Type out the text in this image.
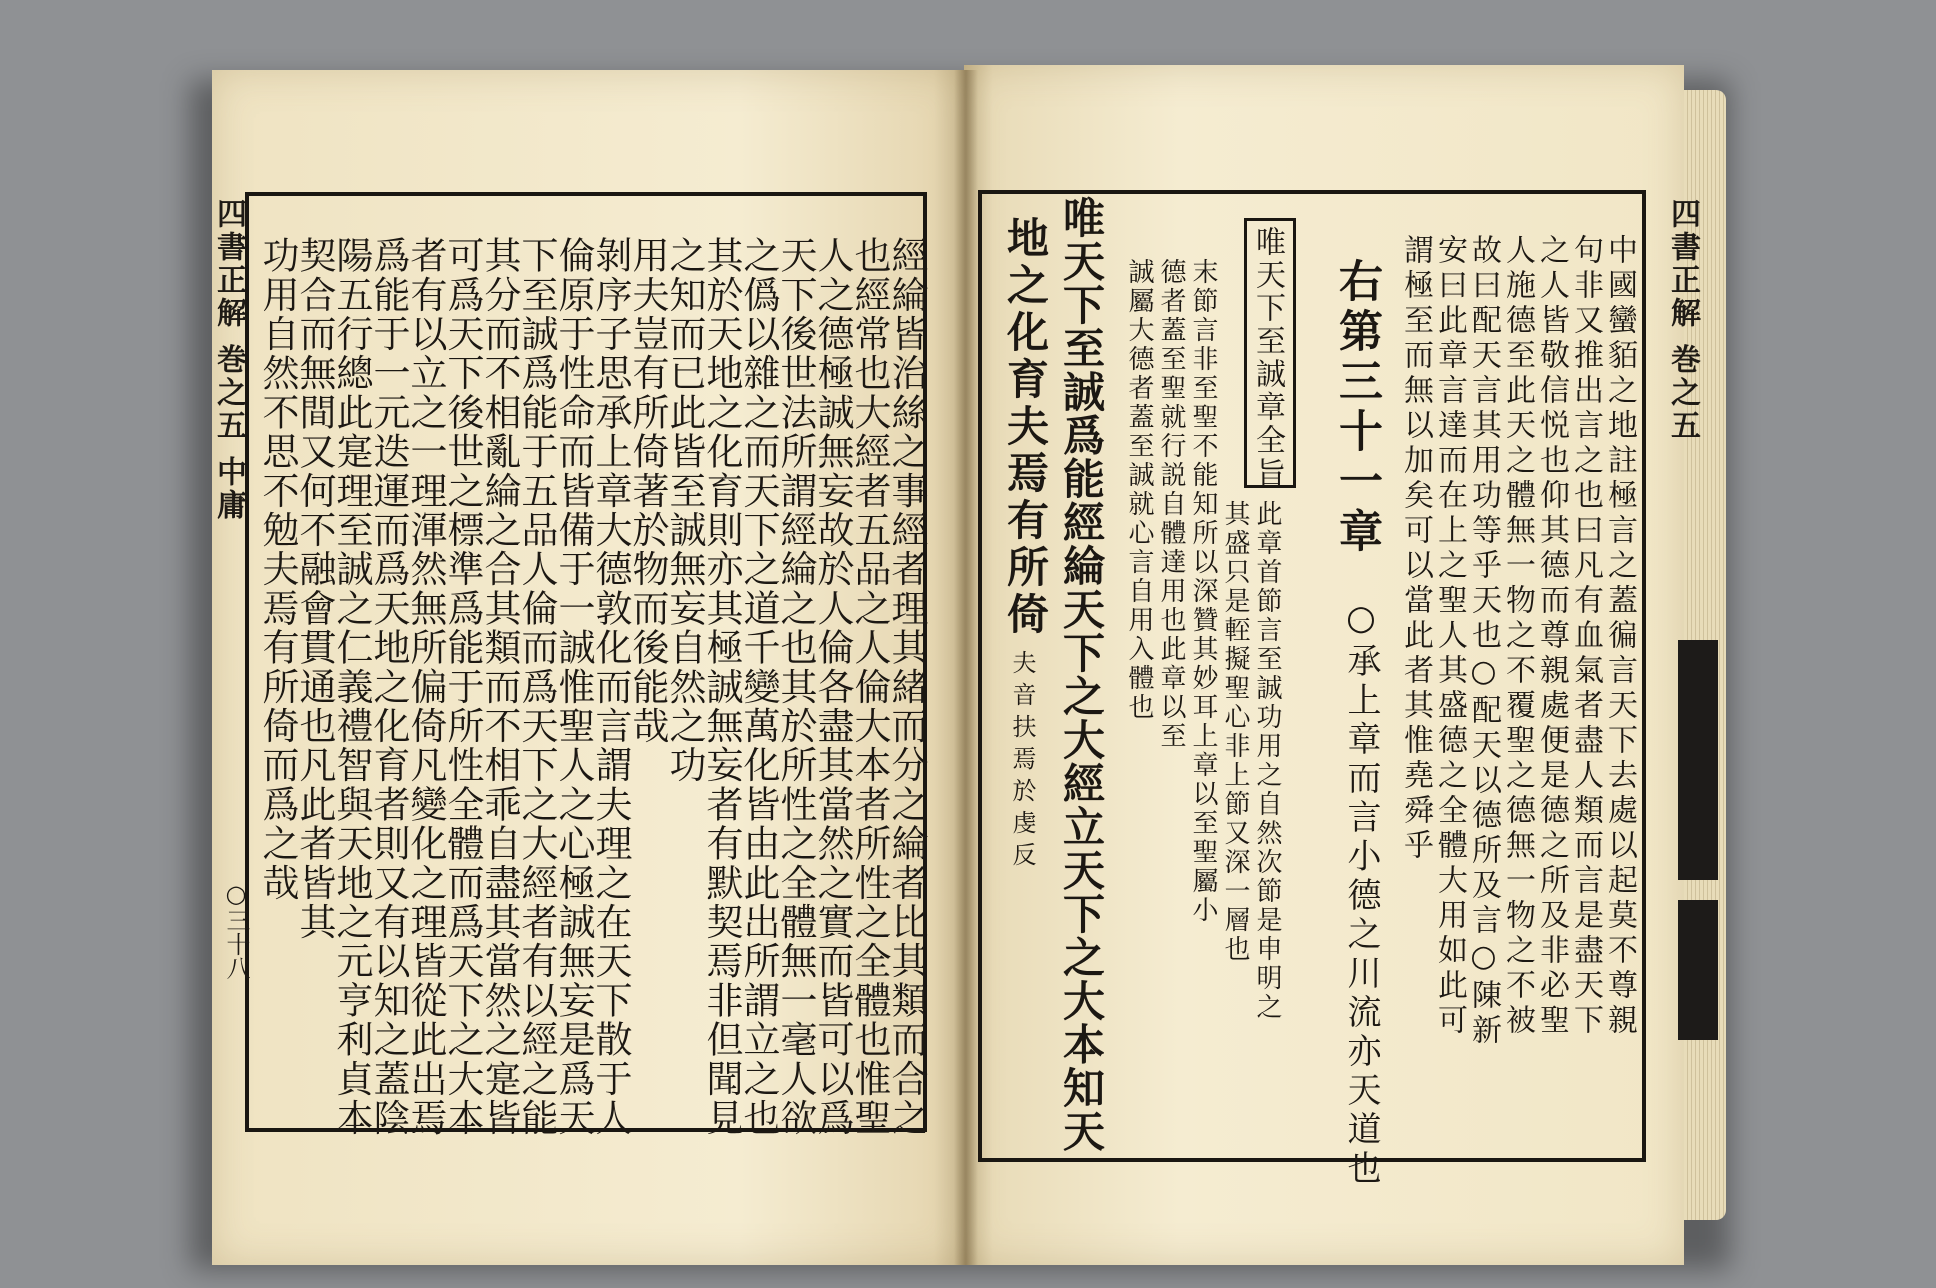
四書正解 巻之五 中庸
○三十八	經綸皆治絲之事經者理其緒而分之綸者比其類而合之
也經常也大經者五品之人倫大本者所性之全體也惟聖
人之德極誠無妄故於人倫各盡其當然之實而皆可以爲
天下後世法所謂經綸之也其於所性之全體無一毫人欲
之僞以雜之而天下之道千變萬化皆由此出所謂立之也
其於天地之化育則亦其極誠無妄者有默契焉非但聞見
之知而已此皆至誠無妄自然之功
用夫豈有所倚著於物而後能哉
剝序子思承上章大德敦化而言謂夫理之在天下散于人
倫原于性命而皆備于一誠惟聖人之心極誠無妄是爲天
下至誠爲能于五品人倫而爲天下之大經者有以經之能
其分而不相亂綸之合其類而不相乖自盡其當然之寔皆
可爲天下後世之標準爲能于所性全體而爲天下之大本
者有以立之一理渾然無所偏倚凡變化之理皆從此出焉
爲能于一元迭運而爲天地之化育者則又有以知之蓋陰
陽五行總此寔理至誠之仁義禮智與天地之元亨利貞本
契合而無間又何不融會貫通也凡此者皆其
功用自然不思不勉夫焉有所倚而爲之哉	四書正解 巻之五
中國蠻貊之地註極言之蓋徧言天下去處以起莫不尊親
句非又推出言之也曰凡有血氣者盡人類而言是盡天下
之人皆敬信悦也仰其德而尊親處便是德之所及非必聖
人施德至此天之體無一物之不覆聖之德無一物之不被
故曰配天言其用功等乎天也○配天以德所及言○陳新
安曰此章言達而在上之聖人其盛德之全體大用如此可
謂極至而無以加矣可以當此者其惟堯舜乎
右第三十一章
○承上章而言小德之川流亦天道也
唯天下至誠章全旨
此章首節言至誠功用之自然次節是申明之
其盛只是䡖擬聖心非上節又深一層也
末節言非至聖不能知所以深贊其妙耳上章以至聖屬小
德者蓋至聖就行説自體達用也此章以至
誠屬大德者蓋至誠就心言自用入體也
唯天下至誠爲能經綸天下之大經立天下之大本知天
地之化育夫焉有所倚
夫音扶焉於虔反
